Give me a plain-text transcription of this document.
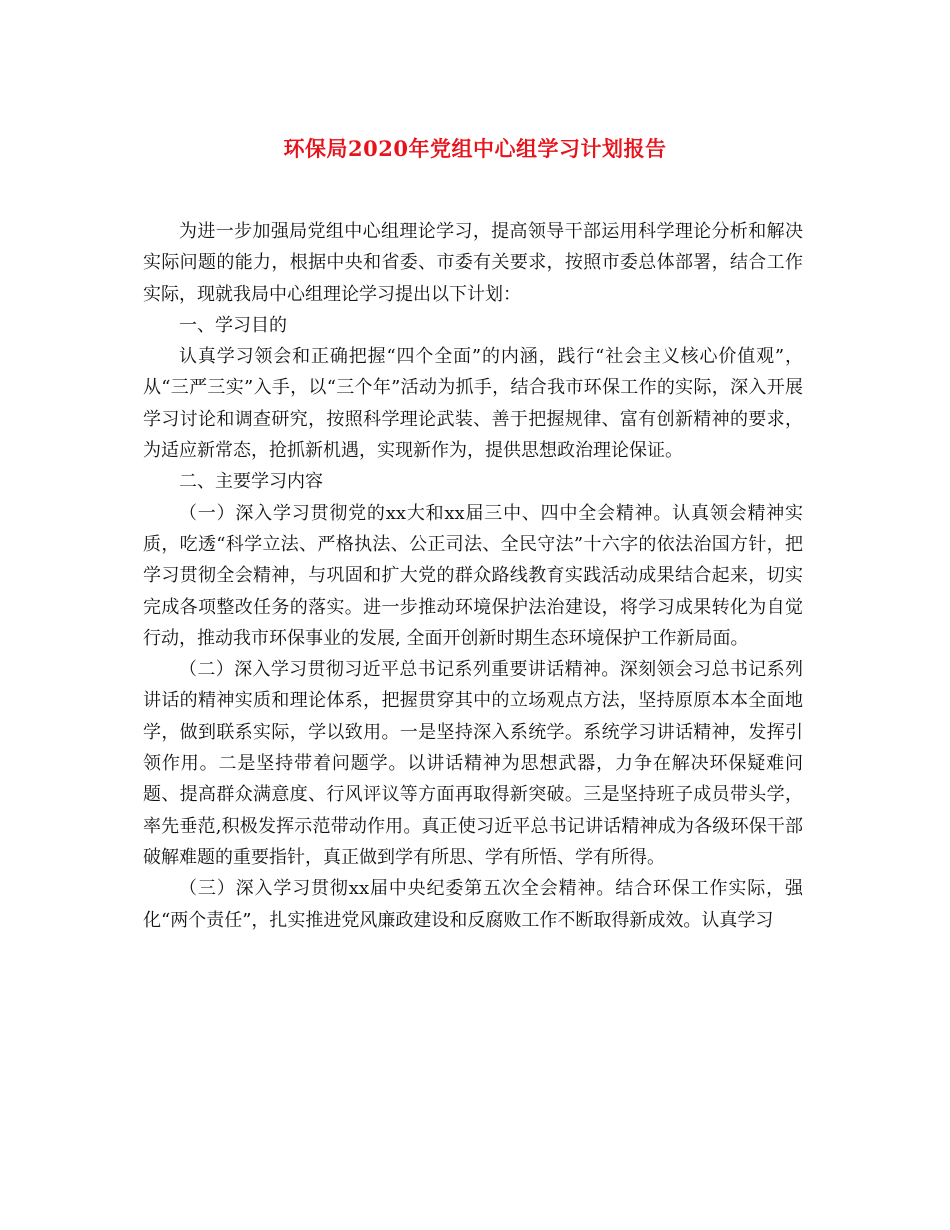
环保局2020年党组中心组学习计划报告

为进一步加强局党组中心组理论学习，提高领导干部运用科学理论分析和解决实际问题的能力，根据中央和省委、市委有关要求，按照市委总体部署，结合工作实际，现就我局中心组理论学习提出以下计划：

一、学习目的

认真学习领会和正确把握“四个全面”的内涵，践行“社会主义核心价值观”，从“三严三实”入手，以“三个年”活动为抓手，结合我市环保工作的实际，深入开展学习讨论和调查研究，按照科学理论武装、善于把握规律、富有创新精神的要求，为适应新常态，抢抓新机遇，实现新作为，提供思想政治理论保证。

二、主要学习内容

（一）深入学习贯彻党的xx大和xx届三中、四中全会精神。认真领会精神实质，吃透“科学立法、严格执法、公正司法、全民守法”十六字的依法治国方针，把学习贯彻全会精神，与巩固和扩大党的群众路线教育实践活动成果结合起来，切实完成各项整改任务的落实。进一步推动环境保护法治建设，将学习成果转化为自觉行动，推动我市环保事业的发展, 全面开创新时期生态环境保护工作新局面。

（二）深入学习贯彻习近平总书记系列重要讲话精神。深刻领会习总书记系列讲话的精神实质和理论体系，把握贯穿其中的立场观点方法，坚持原原本本全面地学，做到联系实际，学以致用。一是坚持深入系统学。系统学习讲话精神，发挥引领作用。二是坚持带着问题学。以讲话精神为思想武器，力争在解决环保疑难问题、提高群众满意度、行风评议等方面再取得新突破。三是坚持班子成员带头学，率先垂范,积极发挥示范带动作用。真正使习近平总书记讲话精神成为各级环保干部破解难题的重要指针，真正做到学有所思、学有所悟、学有所得。

（三）深入学习贯彻xx届中央纪委第五次全会精神。结合环保工作实际，强化“两个责任”，扎实推进党风廉政建设和反腐败工作不断取得新成效。认真学习
